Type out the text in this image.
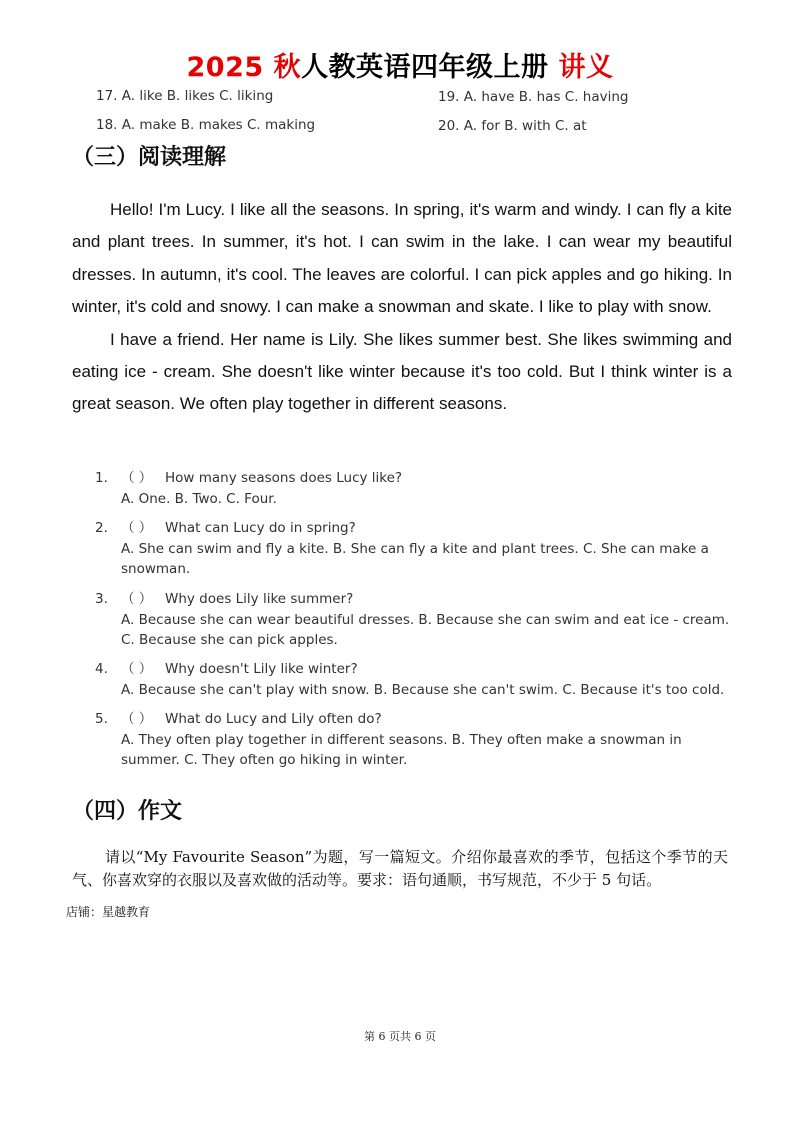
2025 秋人教英语四年级上册 讲义
17. A. like B. likes C. liking
18. A. make B. makes C. making
19. A. have B. has C. having
20. A. for B. with C. at
（三）阅读理解

Hello! I'm Lucy. I like all the seasons. In spring, it's warm and windy. I can fly a kite and plant trees. In summer, it's hot. I can swim in the lake. I can wear my beautiful dresses. In autumn, it's cool. The leaves are colorful. I can pick apples and go hiking. In winter, it's cold and snowy. I can make a snowman and skate. I like to play with snow.

I have a friend. Her name is Lily. She likes summer best. She likes swimming and eating ice - cream. She doesn't like winter because it's too cold. But I think winter is a great season. We often play together in different seasons.

1. （ ） How many seasons does Lucy like?
A. One. B. Two. C. Four.
2. （ ） What can Lucy do in spring?
A. She can swim and fly a kite. B. She can fly a kite and plant trees. C. She can make a snowman.
3. （ ） Why does Lily like summer?
A. Because she can wear beautiful dresses. B. Because she can swim and eat ice - cream. C. Because she can pick apples.
4. （ ） Why doesn't Lily like winter?
A. Because she can't play with snow. B. Because she can't swim. C. Because it's too cold.
5. （ ） What do Lucy and Lily often do?
A. They often play together in different seasons. B. They often make a snowman in summer. C. They often go hiking in winter.
（四）作文
请以“My Favourite Season”为题，写一篇短文。介绍你最喜欢的季节，包括这个季节的天气、你喜欢穿的衣服以及喜欢做的活动等。要求：语句通顺，书写规范，不少于 5 句话。
店铺：星越教育
第 6 页共 6 页
